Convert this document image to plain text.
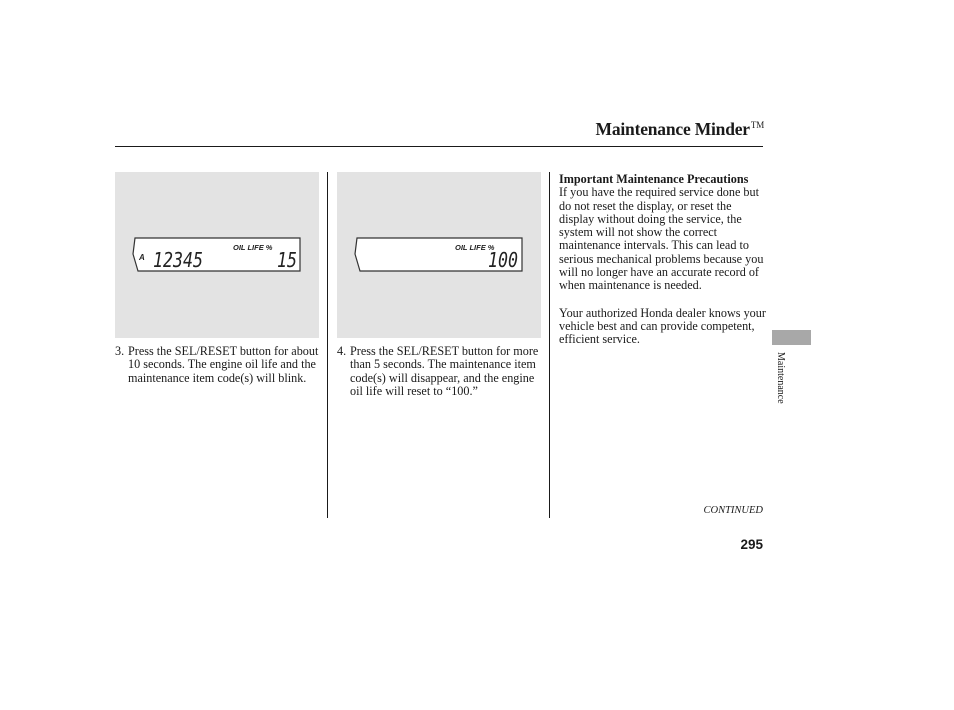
Maintenance Minder™
OIL LIFE %
A 12345	15
OIL LIFE %
100
3. Press the SEL/RESET button for about 10 seconds. The engine oil life and the maintenance item code(s) will blink.
4. Press the SEL/RESET button for more than 5 seconds. The maintenance item code(s) will disappear, and the engine oil life will reset to “100.”
Important Maintenance Precautions

If you have the required service done but do not reset the display, or reset the display without doing the service, the system will not show the correct maintenance intervals. This can lead to serious mechanical problems because you will no longer have an accurate record of when maintenance is needed.

Your authorized Honda dealer knows your vehicle best and can provide competent, efficient service.

Maintenance
CONTINUED
295
